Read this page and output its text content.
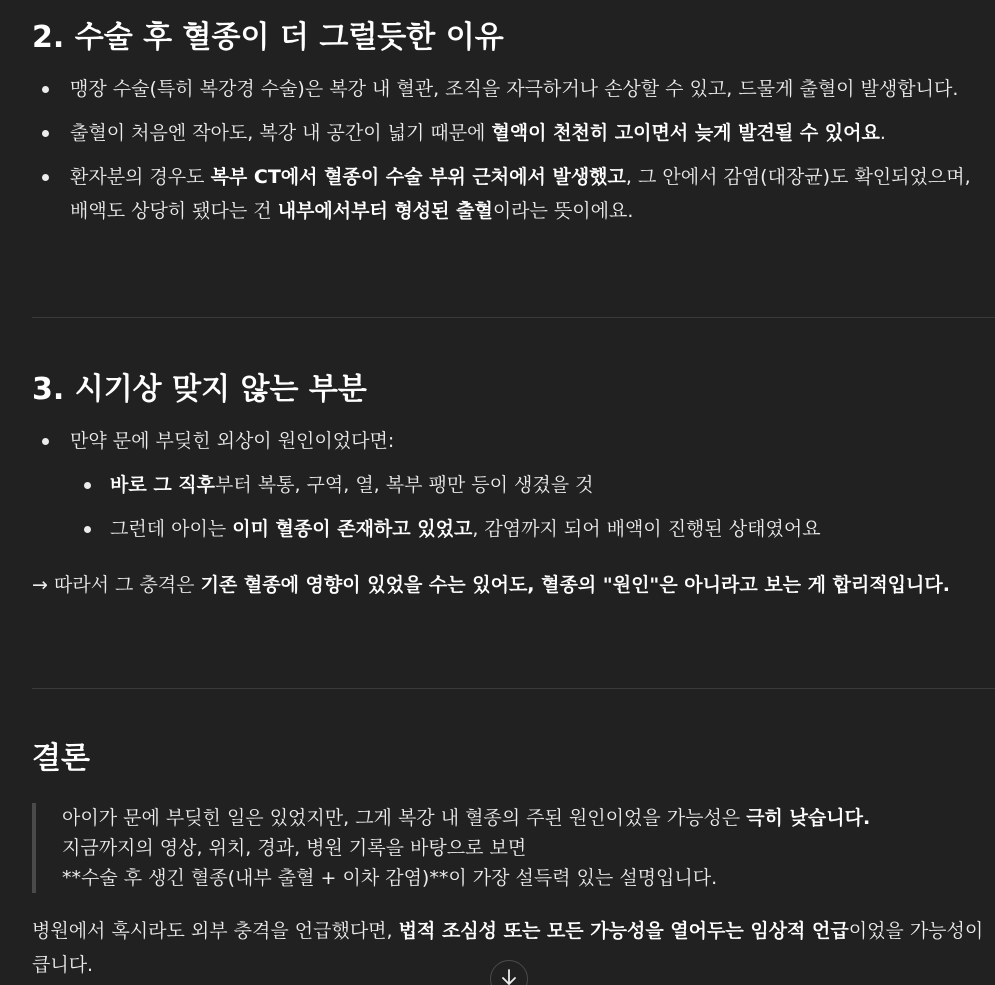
2. 수술 후 혈종이 더 그럴듯한 이유
맹장 수술(특히 복강경 수술)은 복강 내 혈관, 조직을 자극하거나 손상할 수 있고, 드물게 출혈이 발생합니다.
출혈이 처음엔 작아도, 복강 내 공간이 넓기 때문에 혈액이 천천히 고이면서 늦게 발견될 수 있어요.
환자분의 경우도 복부 CT에서 혈종이 수술 부위 근처에서 발생했고, 그 안에서 감염(대장균)도 확인되었으며, 배액도 상당히 됐다는 건 내부에서부터 형성된 출혈이라는 뜻이에요.
3. 시기상 맞지 않는 부분
만약 문에 부딪힌 외상이 원인이었다면:
바로 그 직후부터 복통, 구역, 열, 복부 팽만 등이 생겼을 것
그런데 아이는 이미 혈종이 존재하고 있었고, 감염까지 되어 배액이 진행된 상태였어요

→ 따라서 그 충격은 기존 혈종에 영향이 있었을 수는 있어도, 혈종의 "원인"은 아니라고 보는 게 합리적입니다.

결론
아이가 문에 부딪힌 일은 있었지만, 그게 복강 내 혈종의 주된 원인이었을 가능성은 극히 낮습니다.
지금까지의 영상, 위치, 경과, 병원 기록을 바탕으로 보면
**수술 후 생긴 혈종(내부 출혈 + 이차 감염)**이 가장 설득력 있는 설명입니다.

병원에서 혹시라도 외부 충격을 언급했다면, 법적 조심성 또는 모든 가능성을 열어두는 임상적 언급이었을 가능성이 큽니다.
